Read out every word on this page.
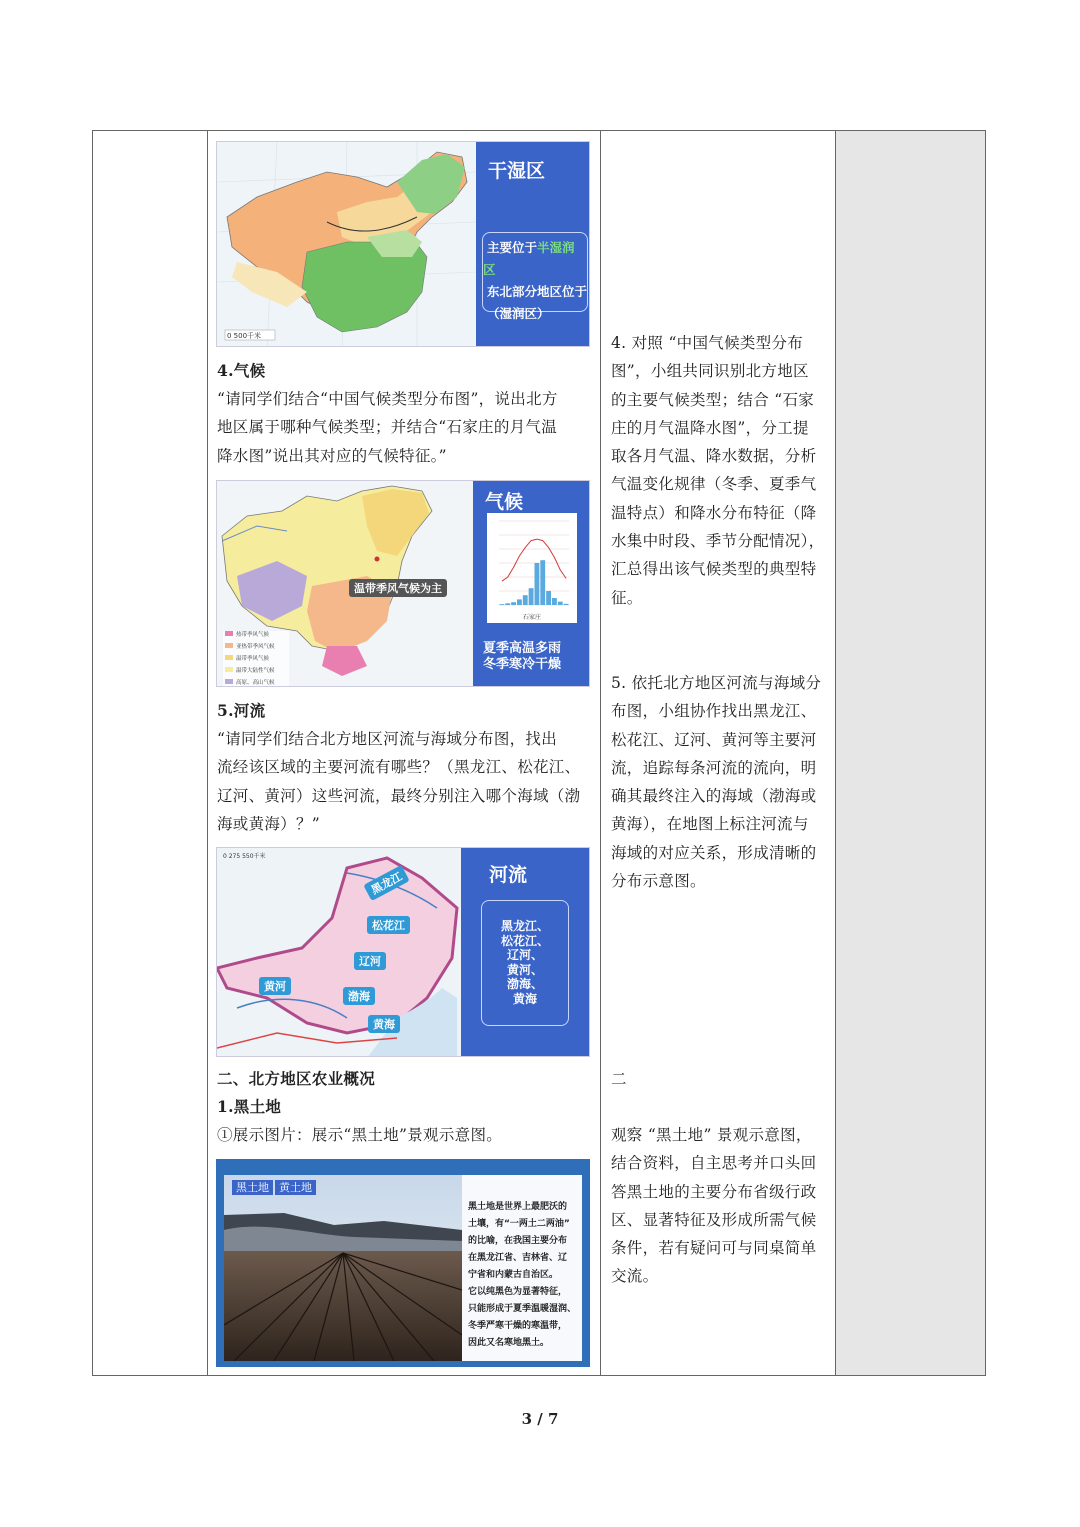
0 500千米
干湿区
主要位于半湿润区
东北部分地区位于
（湿润区）
4.气候
“请同学们结合“中国气候类型分布图”，说出北方
地区属于哪种气候类型；并结合“石家庄的月气温
降水图”说出其对应的气候特征。”
热带季风气候
亚热带季风气候
温带季风气候
温带大陆性气候
高原、高山气候
温带季风气候为主
气候
石家庄
夏季高温多雨
冬季寒冷干燥
5.河流
“请同学们结合北方地区河流与海域分布图，找出
流经该区域的主要河流有哪些？（黑龙江、松花江、
辽河、黄河）这些河流，最终分别注入哪个海域（渤
海或黄海）？”
0 275 550千米
黑龙江
松花江
辽河
黄河
渤海
黄海
河流
黑龙江、
松花江、
辽河、
黄河、
渤海、
黄海
二、北方地区农业概况
1.黑土地
①展示图片：展示“黑土地”景观示意图。
黑土地 黄土地
黑土地是世界上最肥沃的
土壤，有“一两土二两油”
的比喻，在我国主要分布
在黑龙江省、吉林省、辽
宁省和内蒙古自治区。
它以纯黑色为显著特征，
只能形成于夏季温暖湿润、
冬季严寒干燥的寒温带，
因此又名寒地黑土。
4. 对照 “中国气候类型分布
图”，小组共同识别北方地区
的主要气候类型；结合 “石家
庄的月气温降水图”，分工提
取各月气温、降水数据，分析
气温变化规律（冬季、夏季气
温特点）和降水分布特征（降
水集中时段、季节分配情况），
汇总得出该气候类型的典型特
征。
5. 依托北方地区河流与海域分
布图，小组协作找出黑龙江、
松花江、辽河、黄河等主要河
流，追踪每条河流的流向，明
确其最终注入的海域（渤海或
黄海），在地图上标注河流与
海域的对应关系，形成清晰的
分布示意图。
二
观察 “黑土地” 景观示意图，
结合资料，自主思考并口头回
答黑土地的主要分布省级行政
区、显著特征及形成所需气候
条件，若有疑问可与同桌简单
交流。
3 / 7
